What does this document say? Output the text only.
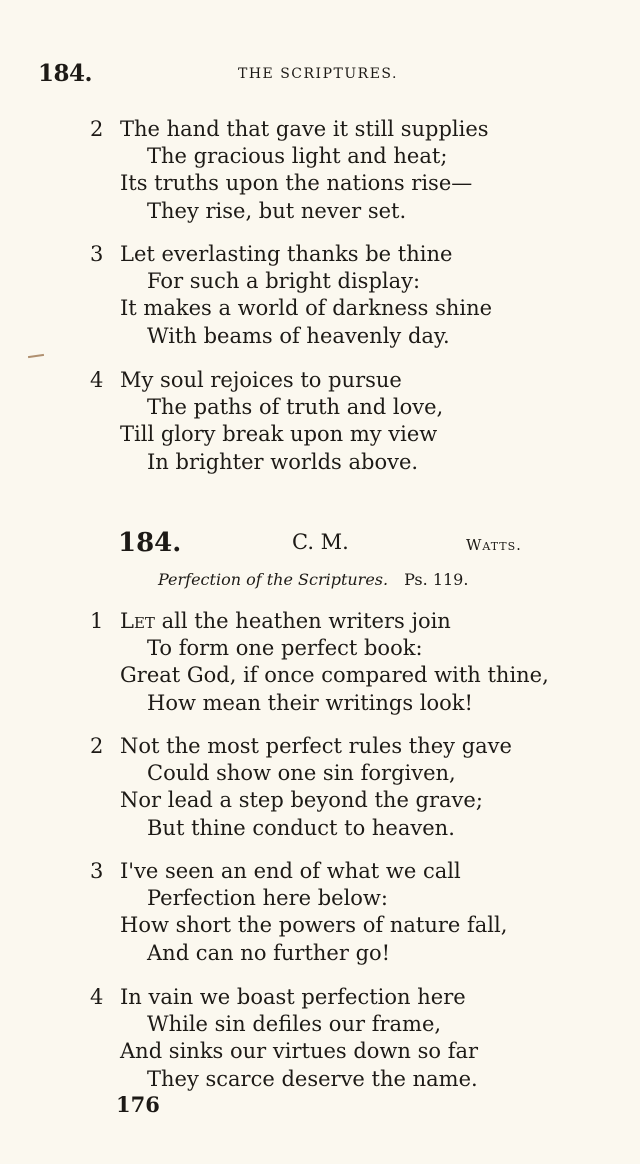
184.	THE SCRIPTURES.
2 The hand that gave it still supplies
The gracious light and heat;
Its truths upon the nations rise—
They rise, but never set.
3 Let everlasting thanks be thine
For such a bright display:
It makes a world of darkness shine
With beams of heavenly day.
4 My soul rejoices to pursue
The paths of truth and love,
Till glory break upon my view
In brighter worlds above.
184.	C. M.	Watts.
Perfection of the Scriptures. Ps. 119.
1 Let all the heathen writers join
To form one perfect book:
Great God, if once compared with thine,
How mean their writings look!
2 Not the most perfect rules they gave
Could show one sin forgiven,
Nor lead a step beyond the grave;
But thine conduct to heaven.
3 I've seen an end of what we call
Perfection here below:
How short the powers of nature fall,
And can no further go!
4 In vain we boast perfection here
While sin defiles our frame,
And sinks our virtues down so far
They scarce deserve the name.
176
